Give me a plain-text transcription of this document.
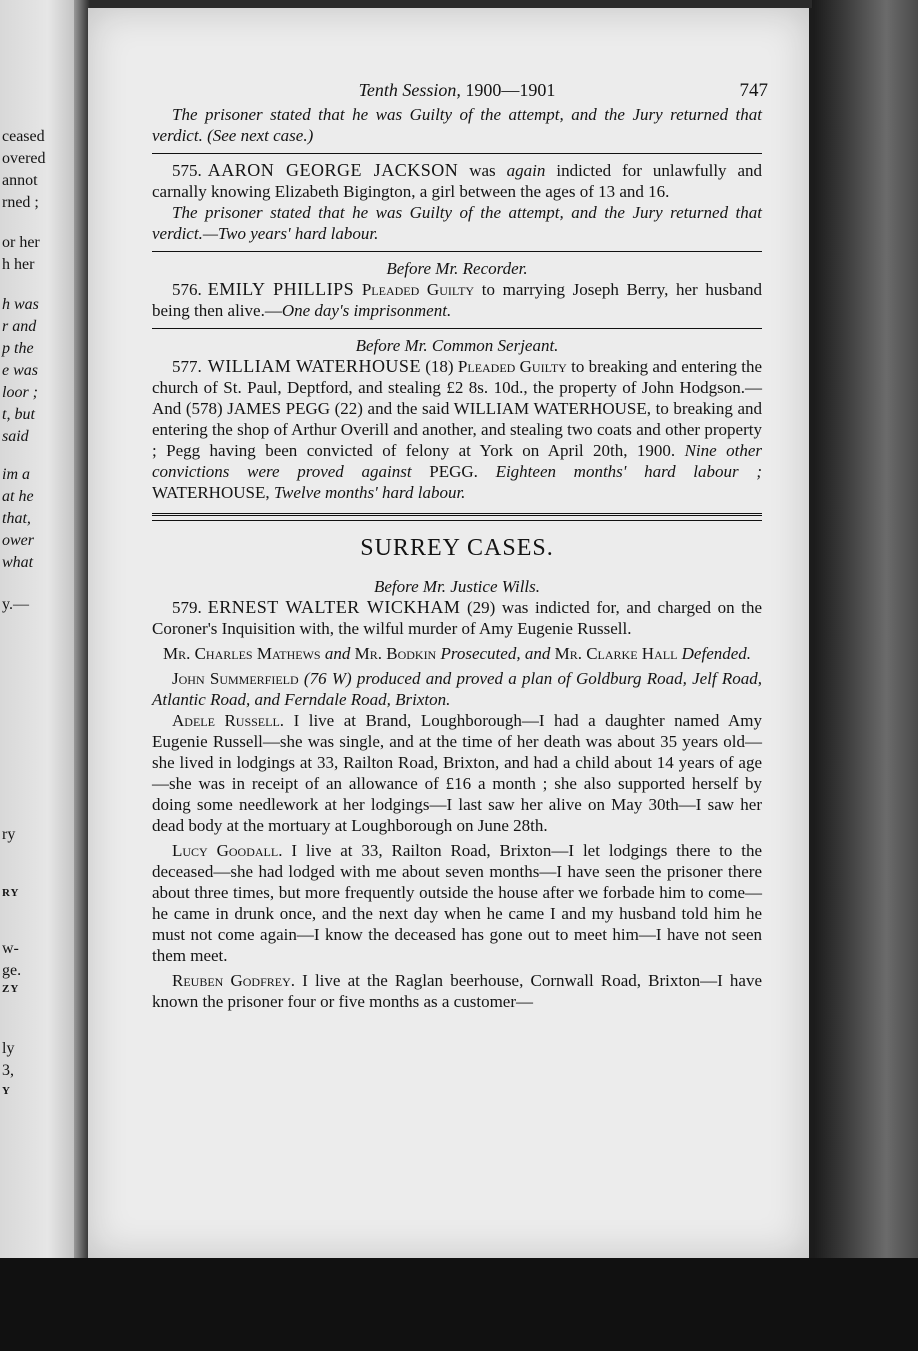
ceased
overed
annot
rned ;
or her
h her
h was
r and
p the
e was
loor ;
t, but
said
im a
at he
that,
ower
what
y.—
ry
RY
w-
ge.
ZY
ly
3,
Y
Tenth Session, 1900—1901	747

The prisoner stated that he was Guilty of the attempt, and the Jury returned that verdict. (See next case.)

575. AARON GEORGE JACKSON was again indicted for unlawfully and carnally knowing Elizabeth Bigington, a girl between the ages of 13 and 16.

The prisoner stated that he was Guilty of the attempt, and the Jury returned that verdict.—Two years' hard labour.

Before Mr. Recorder.

576. EMILY PHILLIPS Pleaded Guilty to marrying Joseph Berry, her husband being then alive.—One day's imprisonment.

Before Mr. Common Serjeant.

577. WILLIAM WATERHOUSE (18) Pleaded Guilty to breaking and entering the church of St. Paul, Deptford, and stealing £2 8s. 10d., the property of John Hodgson.—And (578) JAMES PEGG (22) and the said WILLIAM WATERHOUSE, to breaking and entering the shop of Arthur Overill and another, and stealing two coats and other property ; Pegg having been convicted of felony at York on April 20th, 1900. Nine other convictions were proved against PEGG. Eighteen months' hard labour ; WATERHOUSE, Twelve months' hard labour.

SURREY CASES.

Before Mr. Justice Wills.

579. ERNEST WALTER WICKHAM (29) was indicted for, and charged on the Coroner's Inquisition with, the wilful murder of Amy Eugenie Russell.

Mr. Charles Mathews and Mr. Bodkin Prosecuted, and Mr. Clarke Hall Defended.

John Summerfield (76 W) produced and proved a plan of Goldburg Road, Jelf Road, Atlantic Road, and Ferndale Road, Brixton.

Adele Russell. I live at Brand, Loughborough—I had a daughter named Amy Eugenie Russell—she was single, and at the time of her death was about 35 years old—she lived in lodgings at 33, Railton Road, Brixton, and had a child about 14 years of age—she was in receipt of an allowance of £16 a month ; she also supported herself by doing some needlework at her lodgings—I last saw her alive on May 30th—I saw her dead body at the mortuary at Loughborough on June 28th.

Lucy Goodall. I live at 33, Railton Road, Brixton—I let lodgings there to the deceased—she had lodged with me about seven months—I have seen the prisoner there about three times, but more frequently outside the house after we forbade him to come—he came in drunk once, and the next day when he came I and my husband told him he must not come again—I know the deceased has gone out to meet him—I have not seen them meet.

Reuben Godfrey. I live at the Raglan beerhouse, Cornwall Road, Brixton—I have known the prisoner four or five months as a customer—
